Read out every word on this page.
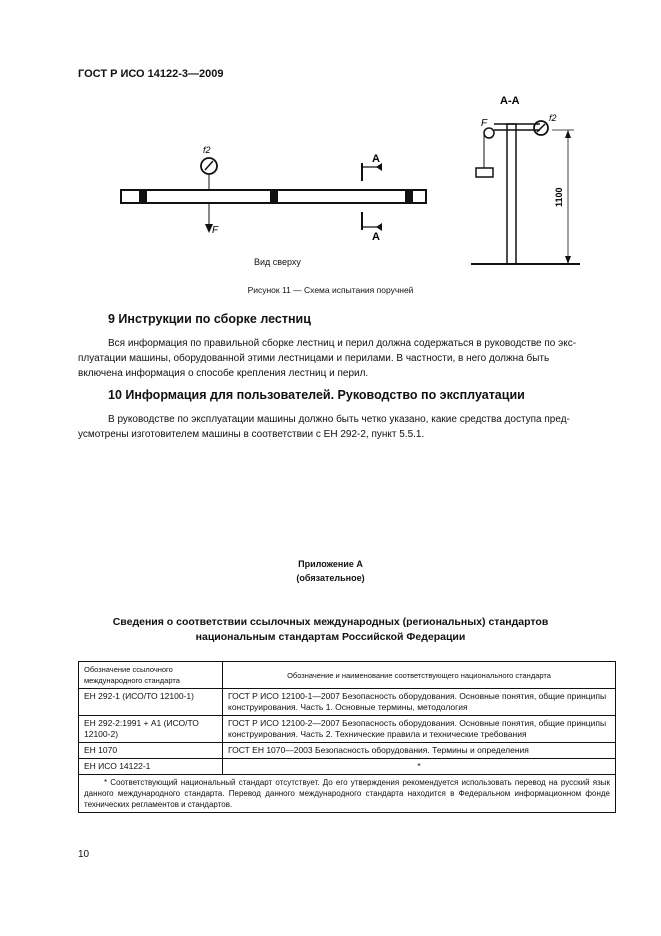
ГОСТ Р ИСО 14122-3—2009
f2
F
A
A
A-A
F	f2
1100
Вид сверху
Рисунок 11 — Схема испытания поручней
9 Инструкции по сборке лестниц
Вся информация по правильной сборке лестниц и перил должна содержаться в руководстве по экс-
плуатации машины, оборудованной этими лестницами и перилами. В частности, в него должна быть
включена информация о способе крепления лестниц и перил.
10 Информация для пользователей. Руководство по эксплуатации
В руководстве по эксплуатации машины должно быть четко указано, какие средства доступа пред-
усмотрены изготовителем машины в соответствии с ЕН 292-2, пункт 5.5.1.
Приложение А
(обязательное)
Сведения о соответствии ссылочных международных (региональных) стандартов
национальным стандартам Российской Федерации
Обозначение ссылочного международного стандарта	Обозначение и наименование соответствующего национального стандарта
ЕН 292-1 (ИСО/ТО 12100-1)	ГОСТ Р ИСО 12100-1—2007 Безопасность оборудования. Основные понятия, общие принципы конструирования. Часть 1. Основные термины, методология
ЕН 292-2:1991 + А1 (ИСО/ТО 12100-2)	ГОСТ Р ИСО 12100-2—2007 Безопасность оборудования. Основные понятия, общие принципы конструирования. Часть 2. Технические правила и технические требования
ЕН 1070	ГОСТ ЕН 1070—2003 Безопасность оборудования. Термины и определения
ЕН ИСО 14122-1	*
* Соответствующий национальный стандарт отсутствует. До его утверждения рекомендуется использовать перевод на русский язык данного международного стандарта. Перевод данного международного стандарта находится в Федеральном информационном фонде технических регламентов и стандартов.	
10
